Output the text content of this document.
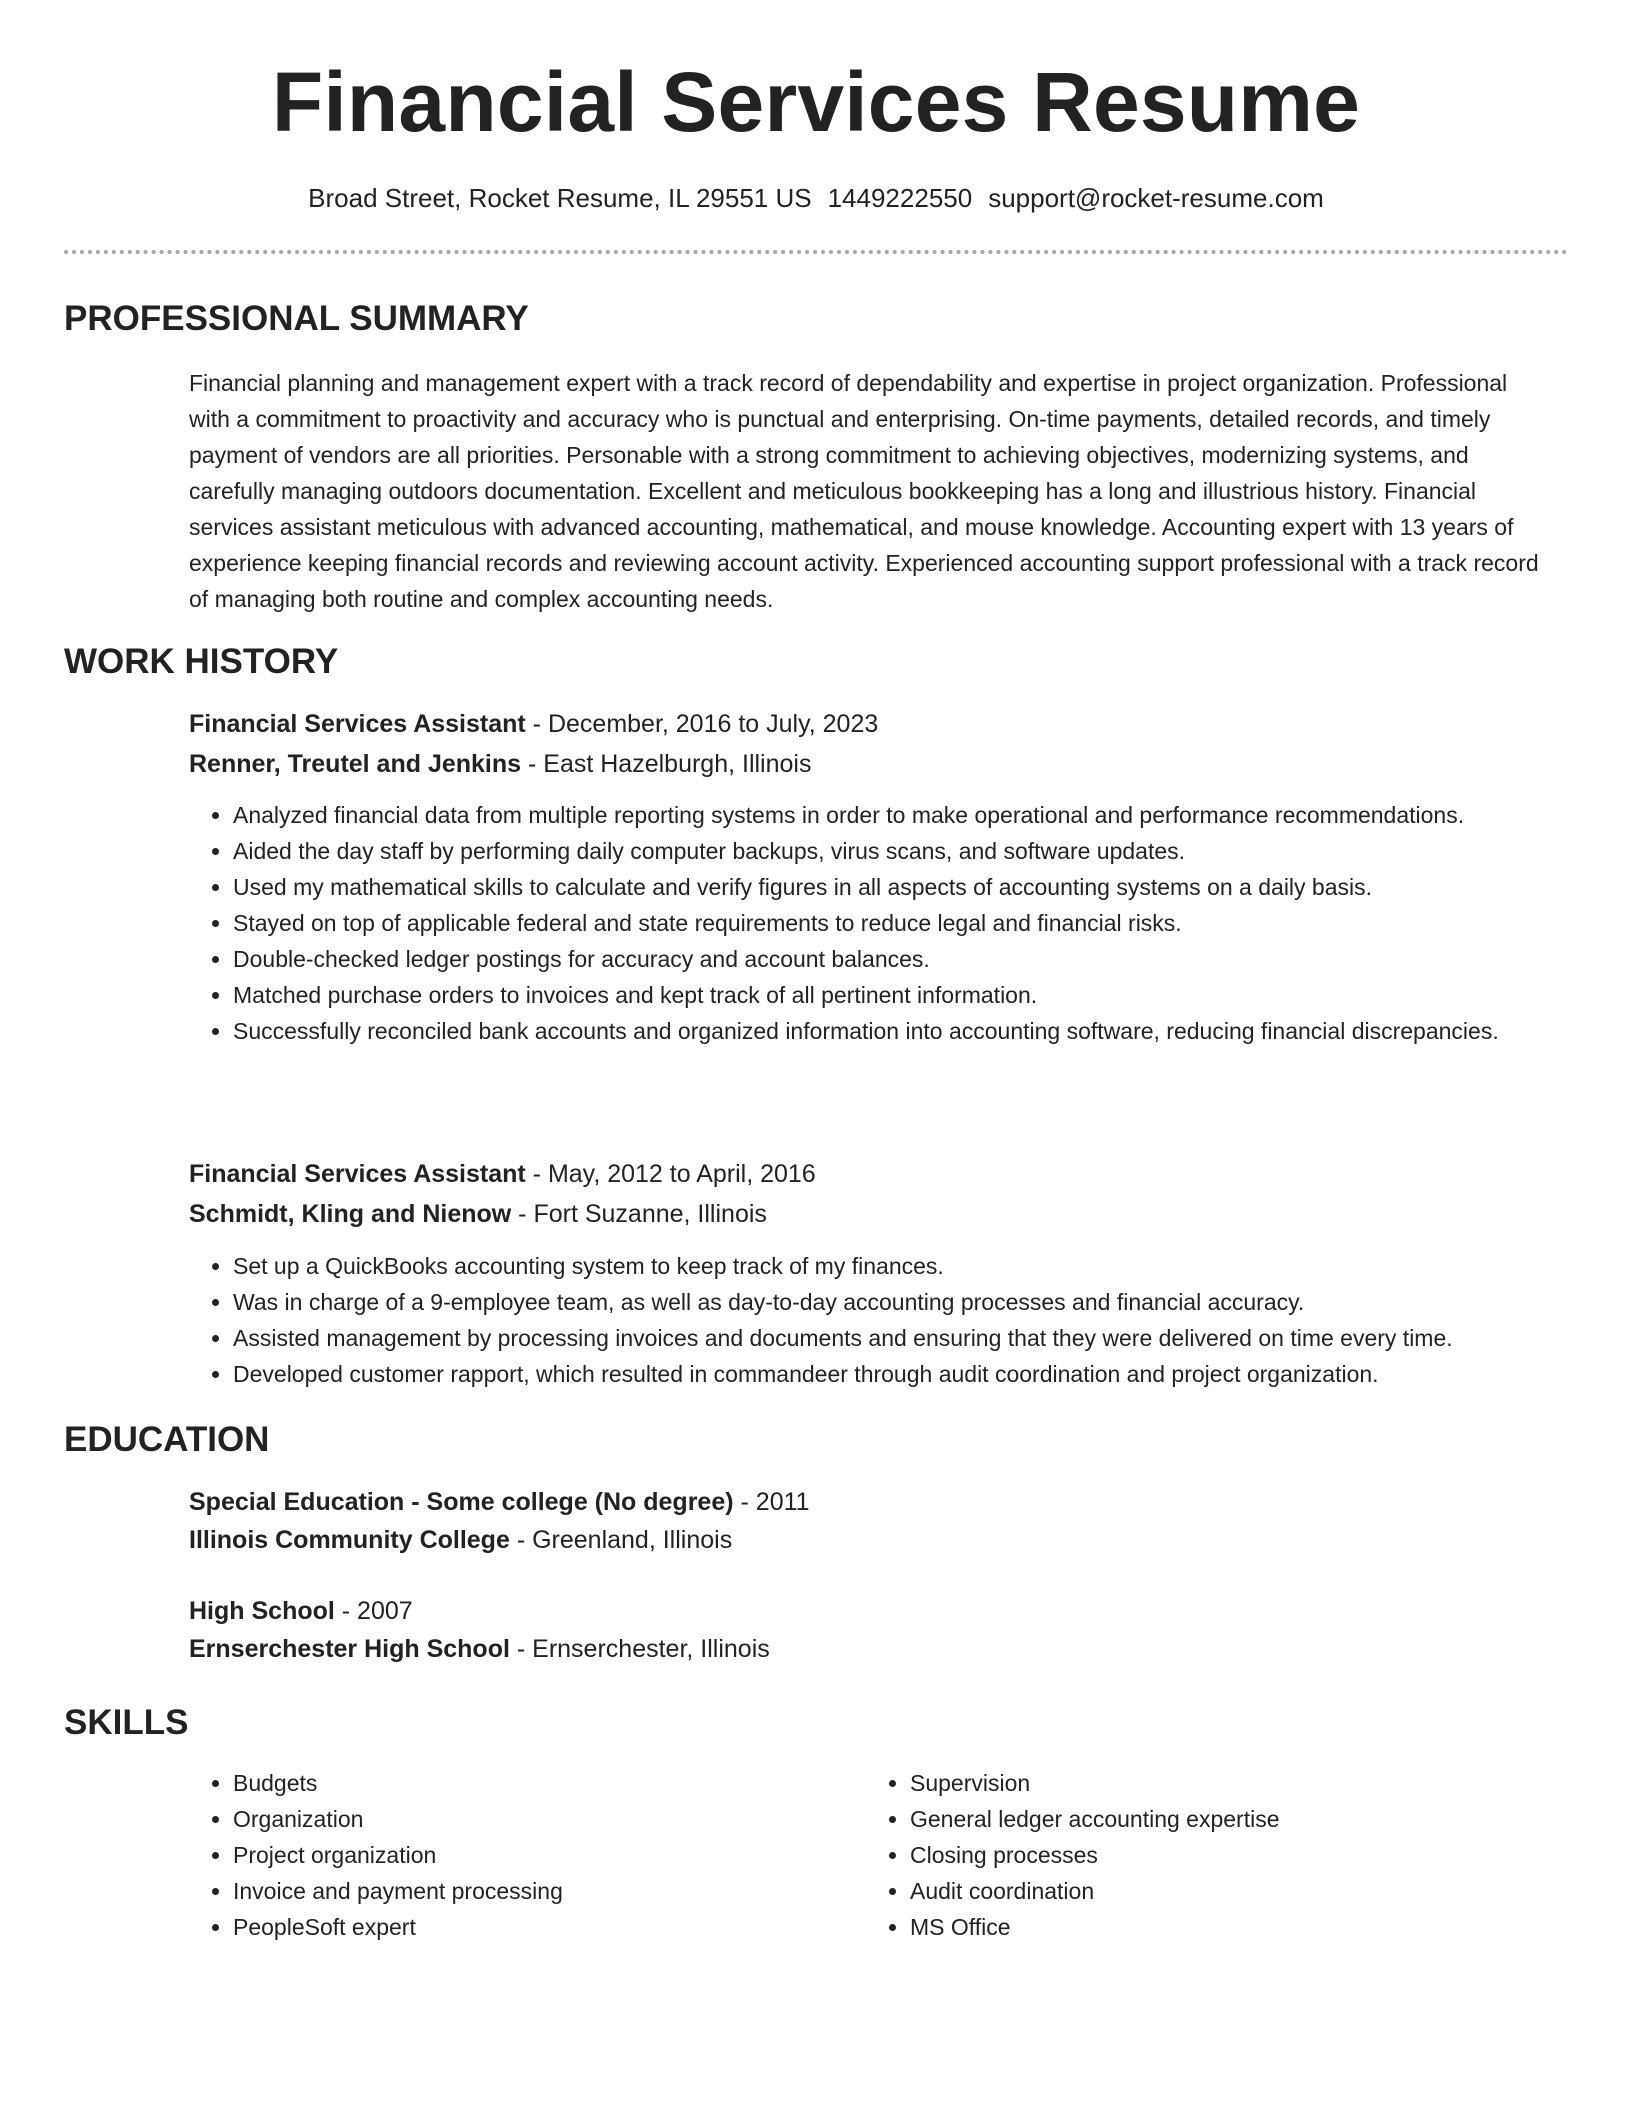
Financial Services Resume
Broad Street, Rocket Resume, IL 29551 US 1449222550 support@rocket-resume.com
PROFESSIONAL SUMMARY

Financial planning and management expert with a track record of dependability and expertise in project organization. Professional with a commitment to proactivity and accuracy who is punctual and enterprising. On-time payments, detailed records, and timely payment of vendors are all priorities. Personable with a strong commitment to achieving objectives, modernizing systems, and carefully managing outdoors documentation. Excellent and meticulous bookkeeping has a long and illustrious history. Financial services assistant meticulous with advanced accounting, mathematical, and mouse knowledge. Accounting expert with 13 years of experience keeping financial records and reviewing account activity. Experienced accounting support professional with a track record of managing both routine and complex accounting needs.

WORK HISTORY
Financial Services Assistant - December, 2016 to July, 2023
Renner, Treutel and Jenkins - East Hazelburgh, Illinois
• Analyzed financial data from multiple reporting systems in order to make operational and performance recommendations.
• Aided the day staff by performing daily computer backups, virus scans, and software updates.
• Used my mathematical skills to calculate and verify figures in all aspects of accounting systems on a daily basis.
• Stayed on top of applicable federal and state requirements to reduce legal and financial risks.
• Double-checked ledger postings for accuracy and account balances.
• Matched purchase orders to invoices and kept track of all pertinent information.
• Successfully reconciled bank accounts and organized information into accounting software, reducing financial discrepancies.
Financial Services Assistant - May, 2012 to April, 2016
Schmidt, Kling and Nienow - Fort Suzanne, Illinois
• Set up a QuickBooks accounting system to keep track of my finances.
• Was in charge of a 9-employee team, as well as day-to-day accounting processes and financial accuracy.
• Assisted management by processing invoices and documents and ensuring that they were delivered on time every time.
• Developed customer rapport, which resulted in commandeer through audit coordination and project organization.
EDUCATION
Special Education - Some college (No degree) - 2011
Illinois Community College - Greenland, Illinois
High School - 2007
Ernserchester High School - Ernserchester, Illinois
SKILLS
• Budgets
• Organization
• Project organization
• Invoice and payment processing
• PeopleSoft expert
• Supervision
• General ledger accounting expertise
• Closing processes
• Audit coordination
• MS Office
